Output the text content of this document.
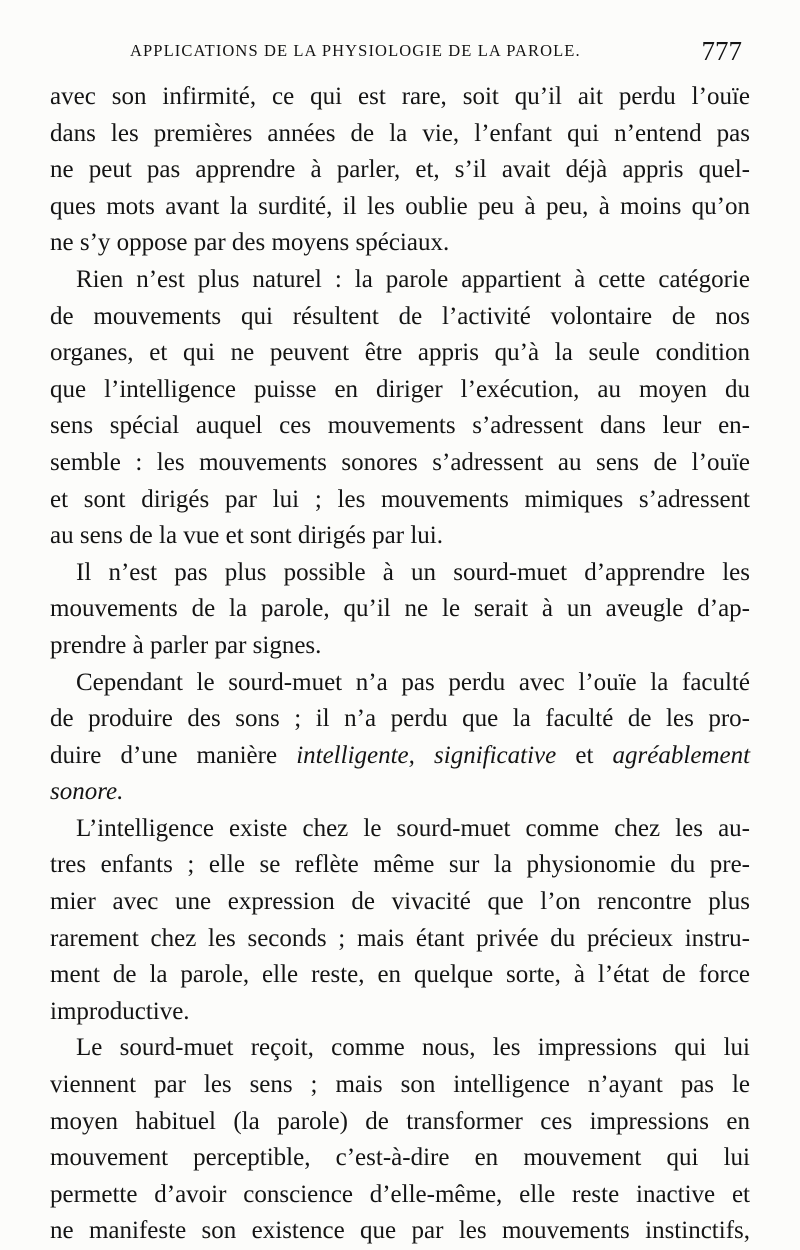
APPLICATIONS DE LA PHYSIOLOGIE DE LA PAROLE.	777
avec son infirmité, ce qui est rare, soit qu’il ait perdu l’ouïe
dans les premières années de la vie, l’enfant qui n’entend pas
ne peut pas apprendre à parler, et, s’il avait déjà appris quel-
ques mots avant la surdité, il les oublie peu à peu, à moins qu’on
ne s’y oppose par des moyens spéciaux.
Rien n’est plus naturel : la parole appartient à cette catégorie
de mouvements qui résultent de l’activité volontaire de nos
organes, et qui ne peuvent être appris qu’à la seule condition
que l’intelligence puisse en diriger l’exécution, au moyen du
sens spécial auquel ces mouvements s’adressent dans leur en-
semble : les mouvements sonores s’adressent au sens de l’ouïe
et sont dirigés par lui ; les mouvements mimiques s’adressent
au sens de la vue et sont dirigés par lui.
Il n’est pas plus possible à un sourd-muet d’apprendre les
mouvements de la parole, qu’il ne le serait à un aveugle d’ap-
prendre à parler par signes.
Cependant le sourd-muet n’a pas perdu avec l’ouïe la faculté
de produire des sons ; il n’a perdu que la faculté de les pro-
duire d’une manière intelligente, significative et agréablement
sonore.
L’intelligence existe chez le sourd-muet comme chez les au-
tres enfants ; elle se reflète même sur la physionomie du pre-
mier avec une expression de vivacité que l’on rencontre plus
rarement chez les seconds ; mais étant privée du précieux instru-
ment de la parole, elle reste, en quelque sorte, à l’état de force
improductive.
Le sourd-muet reçoit, comme nous, les impressions qui lui
viennent par les sens ; mais son intelligence n’ayant pas le
moyen habituel (la parole) de transformer ces impressions en
mouvement perceptible, c’est-à-dire en mouvement qui lui
permette d’avoir conscience d’elle-même, elle reste inactive et
ne manifeste son existence que par les mouvements instinctifs,
